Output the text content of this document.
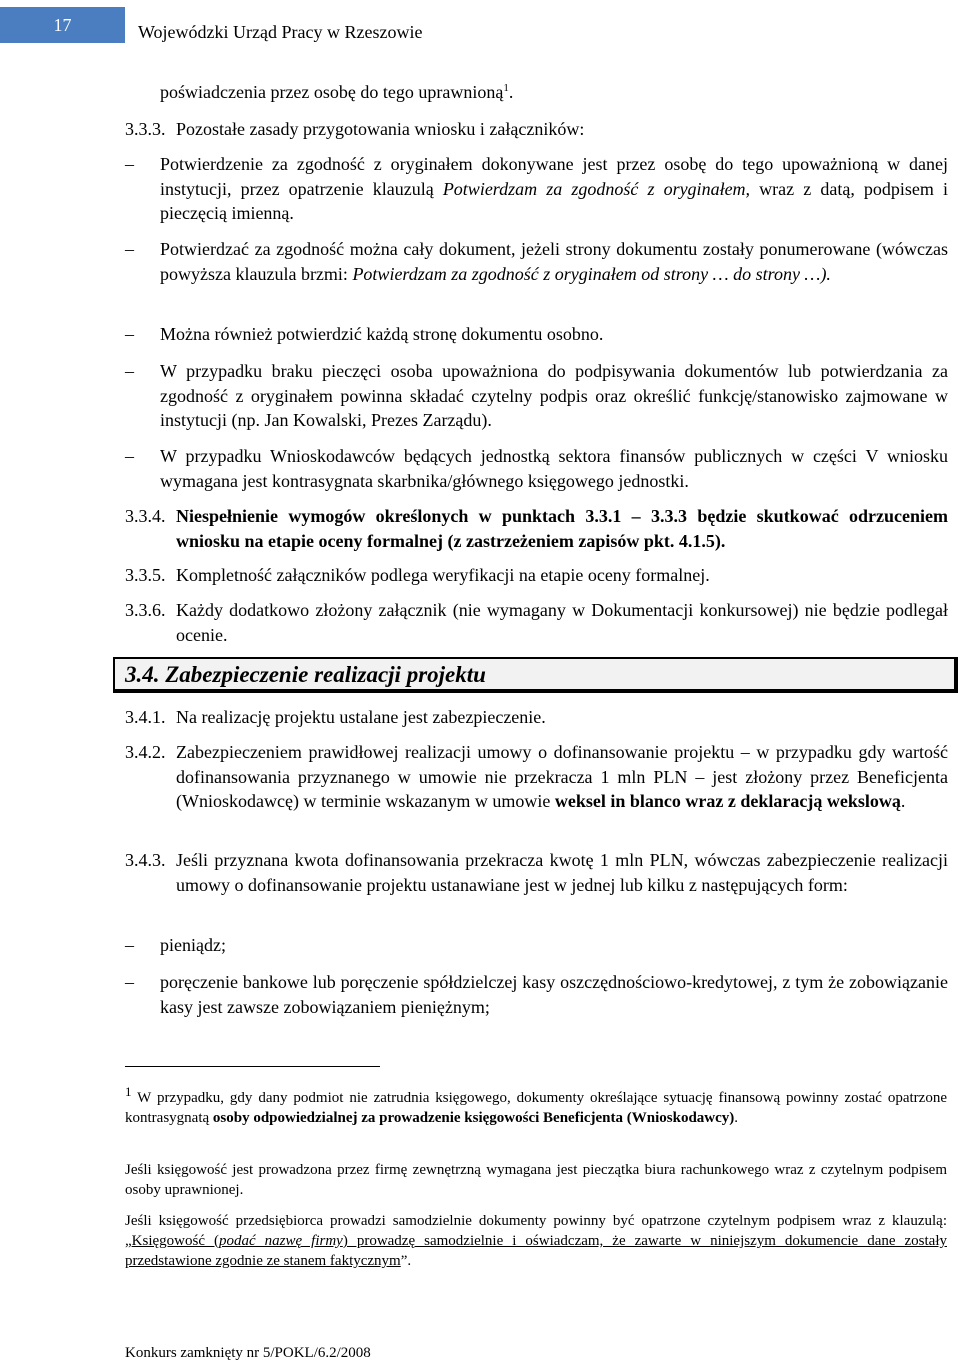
17	Wojewódzki Urząd Pracy w Rzeszowie
poświadczenia przez osobę do tego uprawnioną$^1$.
3.3.3. Pozostałe zasady przygotowania wniosku i załączników:
– Potwierdzenie za zgodność z oryginałem dokonywane jest przez osobę do tego upoważnioną w danej instytucji, przez opatrzenie klauzulą Potwierdzam za zgodność z oryginałem, wraz z datą, podpisem i pieczęcią imienną.
– Potwierdzać za zgodność można cały dokument, jeżeli strony dokumentu zostały ponumerowane (wówczas powyższa klauzula brzmi: Potwierdzam za zgodność z oryginałem od strony … do strony …).
– Można również potwierdzić każdą stronę dokumentu osobno.
– W przypadku braku pieczęci osoba upoważniona do podpisywania dokumentów lub potwierdzania za zgodność z oryginałem powinna składać czytelny podpis oraz określić funkcję/stanowisko zajmowane w instytucji (np. Jan Kowalski, Prezes Zarządu).
– W przypadku Wnioskodawców będących jednostką sektora finansów publicznych w części V wniosku wymagana jest kontrasygnata skarbnika/głównego księgowego jednostki.
3.3.4. Niespełnienie wymogów określonych w punktach 3.3.1 – 3.3.3 będzie skutkować odrzuceniem wniosku na etapie oceny formalnej (z zastrzeżeniem zapisów pkt. 4.1.5).
3.3.5. Kompletność załączników podlega weryfikacji na etapie oceny formalnej.
3.3.6. Każdy dodatkowo złożony załącznik (nie wymagany w Dokumentacji konkursowej) nie będzie podlegał ocenie.
3.4. Zabezpieczenie realizacji projektu
3.4.1. Na realizację projektu ustalane jest zabezpieczenie.
3.4.2. Zabezpieczeniem prawidłowej realizacji umowy o dofinansowanie projektu – w przypadku gdy wartość dofinansowania przyznanego w umowie nie przekracza 1 mln PLN – jest złożony przez Beneficjenta (Wnioskodawcę) w terminie wskazanym w umowie weksel in blanco wraz z deklaracją wekslową.
3.4.3. Jeśli przyznana kwota dofinansowania przekracza kwotę 1 mln PLN, wówczas zabezpieczenie realizacji umowy o dofinansowanie projektu ustanawiane jest w jednej lub kilku z następujących form:
– pieniądz;
– poręczenie bankowe lub poręczenie spółdzielczej kasy oszczędnościowo-kredytowej, z tym że zobowiązanie kasy jest zawsze zobowiązaniem pieniężnym;
1 W przypadku, gdy dany podmiot nie zatrudnia księgowego, dokumenty określające sytuację finansową powinny zostać opatrzone kontrasygnatą osoby odpowiedzialnej za prowadzenie księgowości Beneficjenta (Wnioskodawcy).
Jeśli księgowość jest prowadzona przez firmę zewnętrzną wymagana jest pieczątka biura rachunkowego wraz z czytelnym podpisem osoby uprawnionej.
Jeśli księgowość przedsiębiorca prowadzi samodzielnie dokumenty powinny być opatrzone czytelnym podpisem wraz z klauzulą: „Księgowość (podać nazwę firmy) prowadzę samodzielnie i oświadczam, że zawarte w niniejszym dokumencie dane zostały przedstawione zgodnie ze stanem faktycznym”.
Konkurs zamknięty nr 5/POKL/6.2/2008
